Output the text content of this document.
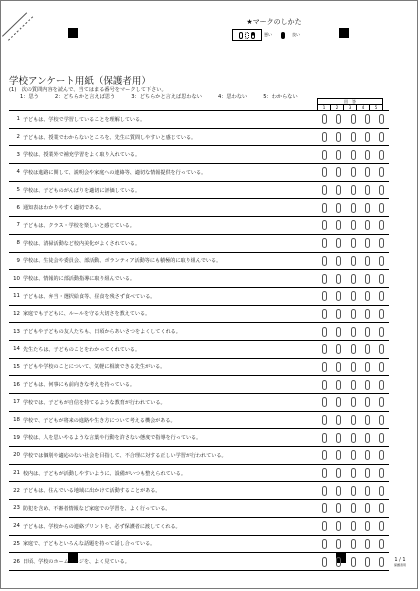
★マークのしかた
悪い	良い
学校アンケート用紙（保護者用）
(1)　次の質問内容を読んで、当てはまる番号をマークして下さい。
1：思う	2：どちらかと言えば思う	3：どちらかと言えば思わない	4：思わない	5：わからない
回　答
1	2	3	4	5
1 子どもは、学校で学習していることを理解している。
2 子どもは、授業でわからないところを、先生に質問しやすいと感じている。
3 学校は、授業外で補充学習をよく取り入れている。
4 学校は進路に関して、説明会や家庭への連絡等、適切な情報提供を行っている。
5 学校は、子どものがんばりを適切に評価している。
6 通知表はわかりやすく適切である。
7 子どもは、クラス・学校を楽しいと感じている。
8 学校は、清掃活動など校内美化がよくされている。
9 学校は、生徒会や委員会、部活動、ボランティア活動等にも積極的に取り組んでいる。
10 学校は、情報的に部活動指導に取り組んでいる。
11 子どもは、弁当・選択給食等、昼食を残さず食べている。
12 家庭でも子どもに、ルールを守る大切さを教えている。
13 子どもや子どもの友人たちも、日頃からあいさつをよくしてくれる。
14 先生たちは、子どものことをわかってくれている。
15 子どもや学校のことについて、気軽に相談できる先生がいる。
16 子どもは、何事にも前向きな考えを持っている。
17 学校では、子どもが自信を持てるような教育が行われている。
18 学校で、子どもが将来の進路や生き方について考える機会がある。
19 学校は、人を思いやるような言葉や行動を許さない態度で指導を行っている。
20 学校では個別や適応のない社会を目指して、不合理に対する正しい学習が行われている。
21 校内は、子どもが活動しやすいように、設備がいつも整えられている。
22 子どもは、住んでいる地域に出かけて活動することがある。
23 防犯を含め、不審者情報など家庭での学習を、よく行っている。
24 子どもは、学校からの連絡プリントを、必ず保護者に渡してくれる。
25 家庭で、子どもといろんな話題を持って話し合っている。
26 日頃、学校のホームページを、よく見ている。	1 / 1
保護者用
